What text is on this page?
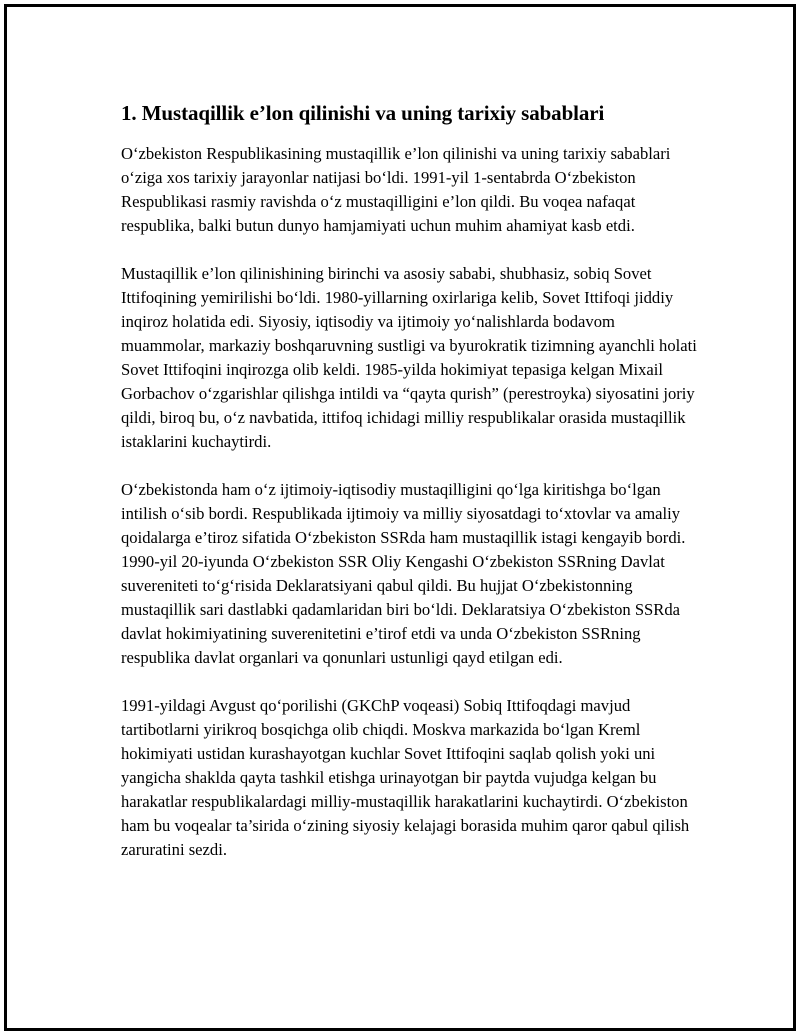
1. Mustaqillik e’lon qilinishi va uning tarixiy sabablari

O‘zbekiston Respublikasining mustaqillik e’lon qilinishi va uning tarixiy sabablari o‘ziga xos tarixiy jarayonlar natijasi bo‘ldi. 1991-yil 1-sentabrda O‘zbekiston Respublikasi rasmiy ravishda o‘z mustaqilligini e’lon qildi. Bu voqea nafaqat respublika, balki butun dunyo hamjamiyati uchun muhim ahamiyat kasb etdi.

Mustaqillik e’lon qilinishining birinchi va asosiy sababi, shubhasiz, sobiq Sovet Ittifoqining yemirilishi bo‘ldi. 1980-yillarning oxirlariga kelib, Sovet Ittifoqi jiddiy inqiroz holatida edi. Siyosiy, iqtisodiy va ijtimoiy yo‘nalishlarda bodavom muammolar, markaziy boshqaruvning sustligi va byurokratik tizimning ayanchli holati Sovet Ittifoqini inqirozga olib keldi. 1985-yilda hokimiyat tepasiga kelgan Mixail Gorbachov o‘zgarishlar qilishga intildi va “qayta qurish” (perestroyka) siyosatini joriy qildi, biroq bu, o‘z navbatida, ittifoq ichidagi milliy respublikalar orasida mustaqillik istaklarini kuchaytirdi.

O‘zbekistonda ham o‘z ijtimoiy-iqtisodiy mustaqilligini qo‘lga kiritishga bo‘lgan intilish o‘sib bordi. Respublikada ijtimoiy va milliy siyosatdagi to‘xtovlar va amaliy qoidalarga e’tiroz sifatida O‘zbekiston SSRda ham mustaqillik istagi kengayib bordi. 1990-yil 20-iyunda O‘zbekiston SSR Oliy Kengashi O‘zbekiston SSRning Davlat suvereniteti to‘g‘risida Deklaratsiyani qabul qildi. Bu hujjat O‘zbekistonning mustaqillik sari dastlabki qadamlaridan biri bo‘ldi. Deklaratsiya O‘zbekiston SSRda davlat hokimiyatining suverenitetini e’tirof etdi va unda O‘zbekiston SSRning respublika davlat organlari va qonunlari ustunligi qayd etilgan edi.

1991-yildagi Avgust qo‘porilishi (GKChP voqeasi) Sobiq Ittifoqdagi mavjud tartibotlarni yirikroq bosqichga olib chiqdi. Moskva markazida bo‘lgan Kreml hokimiyati ustidan kurashayotgan kuchlar Sovet Ittifoqini saqlab qolish yoki uni yangicha shaklda qayta tashkil etishga urinayotgan bir paytda vujudga kelgan bu harakatlar respublikalardagi milliy-mustaqillik harakatlarini kuchaytirdi. O‘zbekiston ham bu voqealar ta’sirida o‘zining siyosiy kelajagi borasida muhim qaror qabul qilish zaruratini sezdi.
